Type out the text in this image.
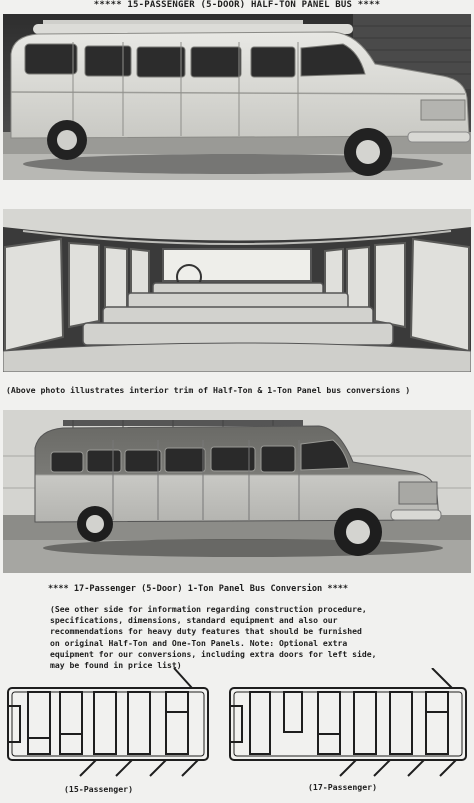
***** 15-PASSENGER (5-DOOR) HALF-TON PANEL BUS ****
(Above photo illustrates interior trim of Half-Ton & 1-Ton Panel bus conversions )
**** 17-Passenger (5-Door) 1-Ton Panel Bus Conversion ****
(See other side for information regarding construction procedure,
specifications, dimensions, standard equipment and also our
recommendations for heavy duty features that should be furnished
on original Half-Ton and One-Ton Panels. Note: Optional extra
equipment for our conversions, including extra doors for left side,
may be found in price list)
(15-Passenger)	(17-Passenger)
